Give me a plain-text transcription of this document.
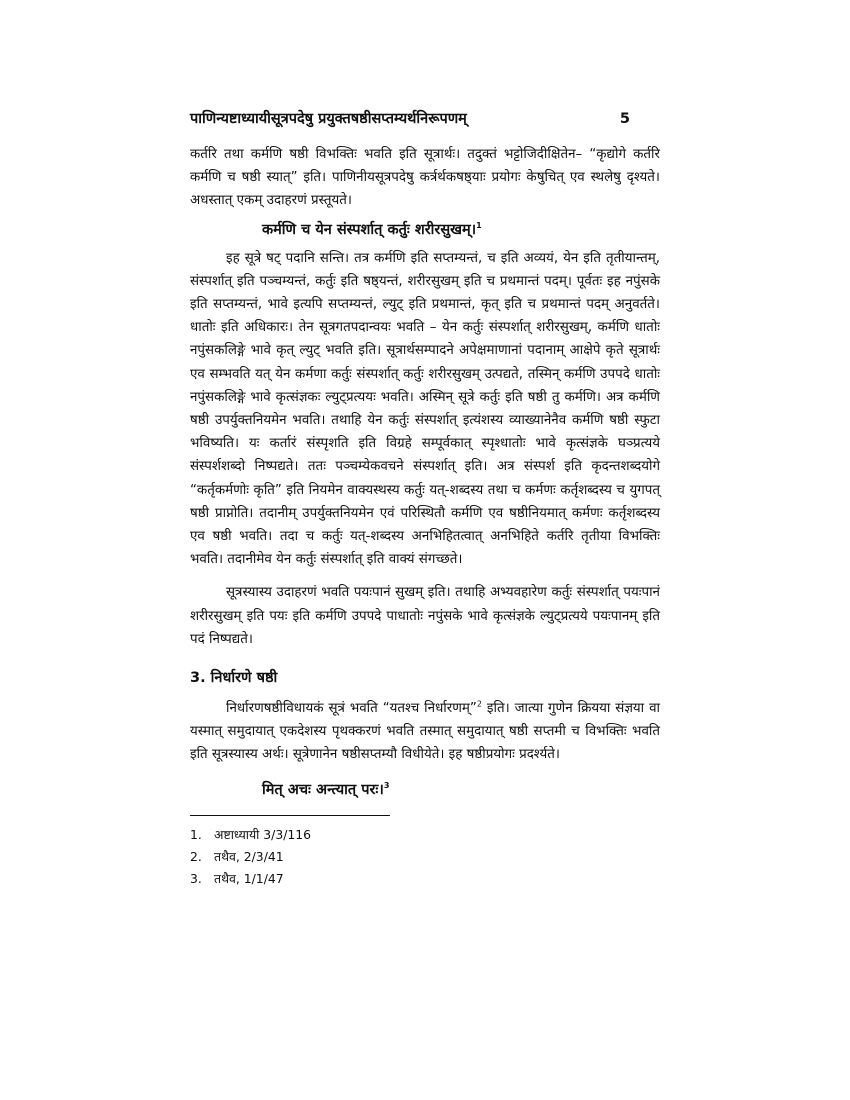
पाणिन्यष्टाध्यायीसूत्रपदेषु प्रयुक्तषष्ठीसप्तम्यर्थनिरूपणम्	5

कर्तरि तथा कर्मणि षष्ठी विभक्तिः भवति इति सूत्रार्थः। तदुक्तं भट्टोजिदीक्षितेन– “कृद्योगे कर्तरि कर्मणि च षष्ठी स्यात्” इति। पाणिनीयसूत्रपदेषु कर्त्रर्थकषष्ठ्याः प्रयोगः केषुचित् एव स्थलेषु दृश्यते। अधस्तात् एकम् उदाहरणं प्रस्तूयते।

कर्मणि च येन संस्पर्शात् कर्तुः शरीरसुखम्।$^1$

इह सूत्रे षट् पदानि सन्ति। तत्र कर्मणि इति सप्तम्यन्तं, च इति अव्ययं, येन इति तृतीयान्तम्, संस्पर्शात् इति पञ्चम्यन्तं, कर्तुः इति षष्ठ्यन्तं, शरीरसुखम् इति च प्रथमान्तं पदम्। पूर्वतः इह नपुंसके इति सप्तम्यन्तं, भावे इत्यपि सप्तम्यन्तं, ल्युट् इति प्रथमान्तं, कृत् इति च प्रथमान्तं पदम् अनुवर्तते। धातोः इति अधिकारः। तेन सूत्रगतपदान्वयः भवति – येन कर्तुः संस्पर्शात् शरीरसुखम्, कर्मणि धातोः नपुंसकलिङ्गे भावे कृत् ल्युट् भवति इति। सूत्रार्थसम्पादने अपेक्षमाणानां पदानाम् आक्षेपे कृते सूत्रार्थः एव सम्भवति यत् येन कर्मणा कर्तुः संस्पर्शात् कर्तुः शरीरसुखम् उत्पद्यते, तस्मिन् कर्मणि उपपदे धातोः नपुंसकलिङ्गे भावे कृत्संज्ञकः ल्युट्प्रत्ययः भवति। अस्मिन् सूत्रे कर्तुः इति षष्ठी तु कर्मणि। अत्र कर्मणि षष्ठी उपर्युक्तनियमेन भवति। तथाहि येन कर्तुः संस्पर्शात् इत्यंशस्य व्याख्यानेनैव कर्मणि षष्ठी स्फुटा भविष्यति। यः कर्तारं संस्पृशति इति विग्रहे सम्पूर्वकात् स्पृश्धातोः भावे कृत्संज्ञके घञ्प्रत्यये संस्पर्शशब्दो निष्पद्यते। ततः पञ्चम्येकवचने संस्पर्शात् इति। अत्र संस्पर्श इति कृदन्तशब्दयोगे “कर्तृकर्मणोः कृति” इति नियमेन वाक्यस्थस्य कर्तुः यत्-शब्दस्य तथा च कर्मणः कर्तृशब्दस्य च युगपत् षष्ठी प्राप्नोति। तदानीम् उपर्युक्तनियमेन एवं परिस्थितौ कर्मणि एव षष्ठीनियमात् कर्मणः कर्तृशब्दस्य एव षष्ठी भवति। तदा च कर्तुः यत्-शब्दस्य अनभिहितत्वात् अनभिहिते कर्तरि तृतीया विभक्तिः भवति। तदानीमेव येन कर्तुः संस्पर्शात् इति वाक्यं संगच्छते।

सूत्रस्यास्य उदाहरणं भवति पयःपानं सुखम् इति। तथाहि अभ्यवहारेण कर्तुः संस्पर्शात् पयःपानं शरीरसुखम् इति पयः इति कर्मणि उपपदे पाधातोः नपुंसके भावे कृत्संज्ञके ल्युट्प्रत्यये पयःपानम् इति पदं निष्पद्यते।

3. निर्धारणे षष्ठी

निर्धारणषष्ठीविधायकं सूत्रं भवति “यतश्च निर्धारणम्”$^2$ इति। जात्या गुणेन क्रियया संज्ञया वा यस्मात् समुदायात् एकदेशस्य पृथक्करणं भवति तस्मात् समुदायात् षष्ठी सप्तमी च विभक्तिः भवति इति सूत्रस्यास्य अर्थः। सूत्रेणानेन षष्ठीसप्तम्यौ विधीयेते। इह षष्ठीप्रयोगः प्रदर्श्यते।

मित् अचः अन्त्यात् परः।$^3$
1. अष्टाध्यायी 3/3/116
2. तथैव, 2/3/41
3. तथैव, 1/1/47
